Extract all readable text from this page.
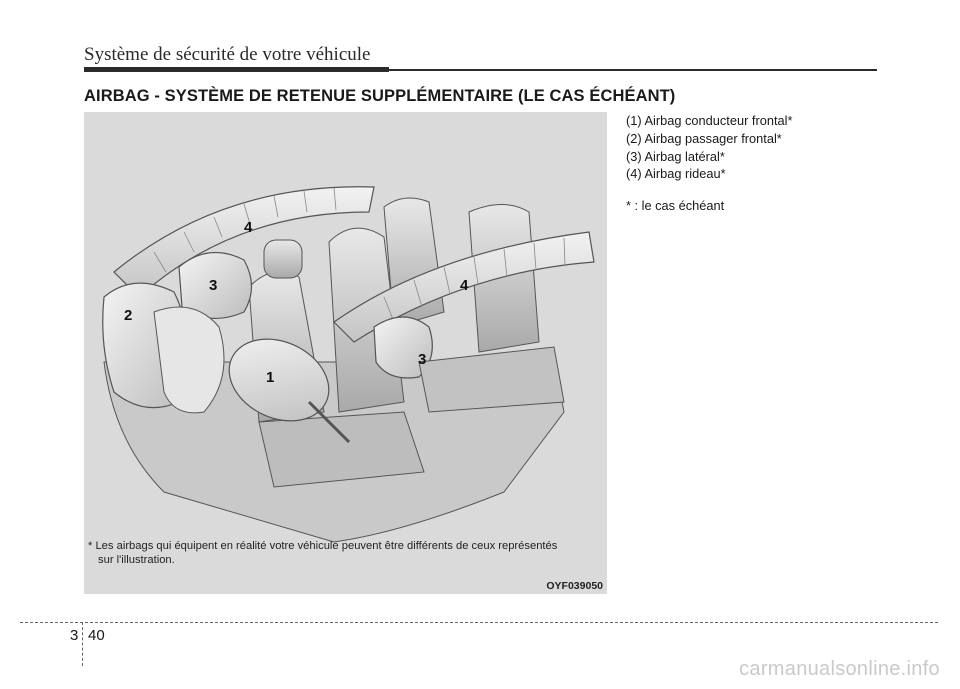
Système de sécurité de votre véhicule
AIRBAG - SYSTÈME DE RETENUE SUPPLÉMENTAIRE (LE CAS ÉCHÉANT)
4
3
2
1
4
3
* Les airbags qui équipent en réalité votre véhicule peuvent être différents de ceux représentés sur l'illustration.
OYF039050
(1) Airbag conducteur frontal*
(2) Airbag passager frontal*
(3) Airbag latéral*
(4) Airbag rideau*
* : le cas échéant
3 40
carmanualsonline.info
